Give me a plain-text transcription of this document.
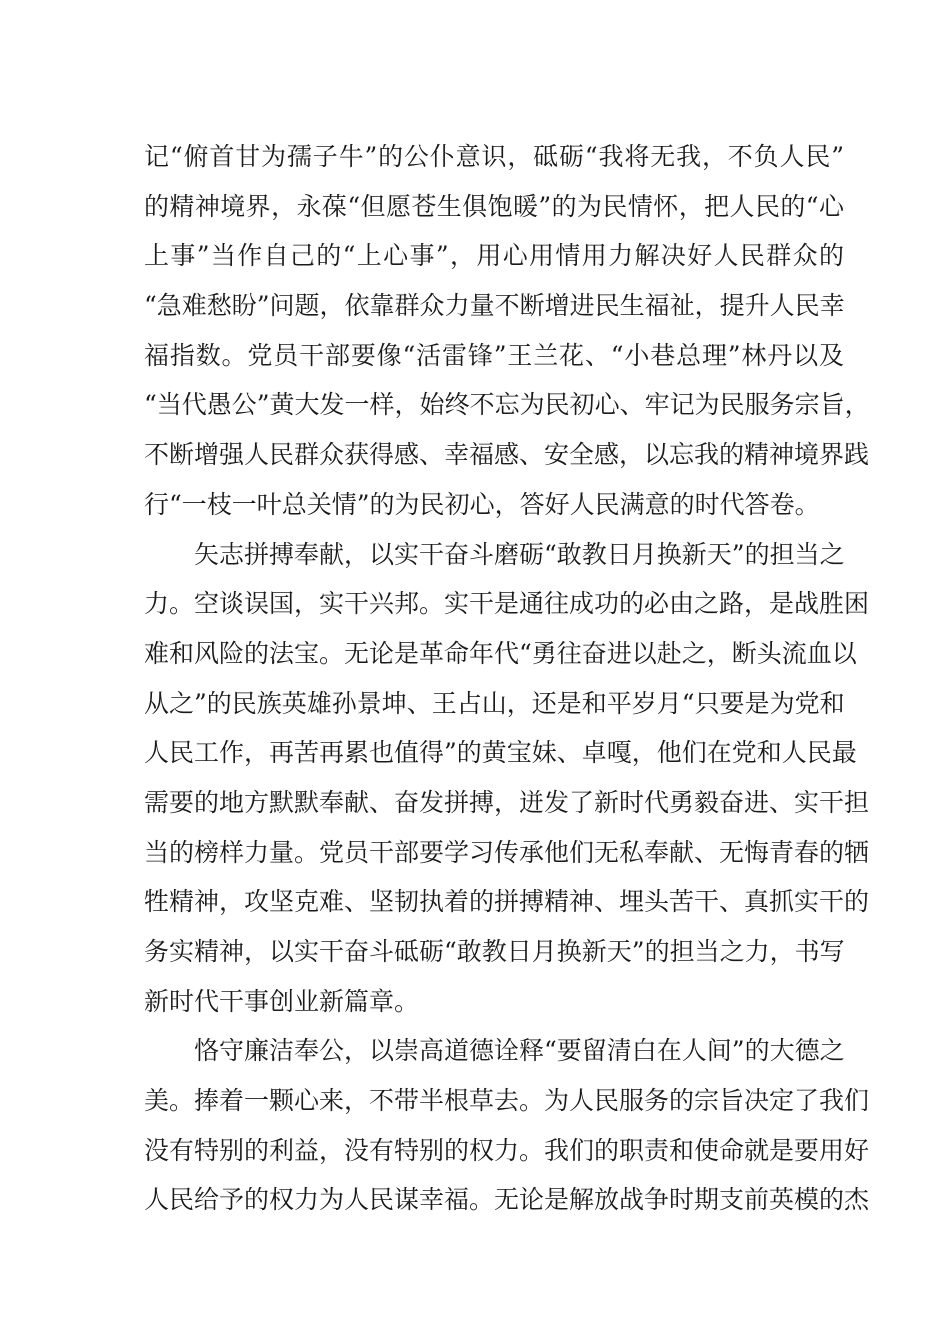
记“俯首甘为孺子牛”的公仆意识，砥砺“我将无我，不负人民”
的精神境界，永葆“但愿苍生俱饱暖”的为民情怀，把人民的“心
上事”当作自己的“上心事”，用心用情用力解决好人民群众的
“急难愁盼”问题，依靠群众力量不断增进民生福祉，提升人民幸
福指数。党员干部要像“活雷锋”王兰花、“小巷总理”林丹以及
“当代愚公”黄大发一样，始终不忘为民初心、牢记为民服务宗旨，
不断增强人民群众获得感、幸福感、安全感，以忘我的精神境界践
行“一枝一叶总关情”的为民初心，答好人民满意的时代答卷。
矢志拼搏奉献，以实干奋斗磨砺“敢教日月换新天”的担当之
力。空谈误国，实干兴邦。实干是通往成功的必由之路，是战胜困
难和风险的法宝。无论是革命年代“勇往奋进以赴之，断头流血以
从之”的民族英雄孙景坤、王占山，还是和平岁月“只要是为党和
人民工作，再苦再累也值得”的黄宝妹、卓嘎，他们在党和人民最
需要的地方默默奉献、奋发拼搏，迸发了新时代勇毅奋进、实干担
当的榜样力量。党员干部要学习传承他们无私奉献、无悔青春的牺
牲精神，攻坚克难、坚韧执着的拼搏精神、埋头苦干、真抓实干的
务实精神，以实干奋斗砥砺“敢教日月换新天”的担当之力，书写
新时代干事创业新篇章。
恪守廉洁奉公，以崇高道德诠释“要留清白在人间”的大德之
美。捧着一颗心来，不带半根草去。为人民服务的宗旨决定了我们
没有特别的利益，没有特别的权力。我们的职责和使命就是要用好
人民给予的权力为人民谋幸福。无论是解放战争时期支前英模的杰
